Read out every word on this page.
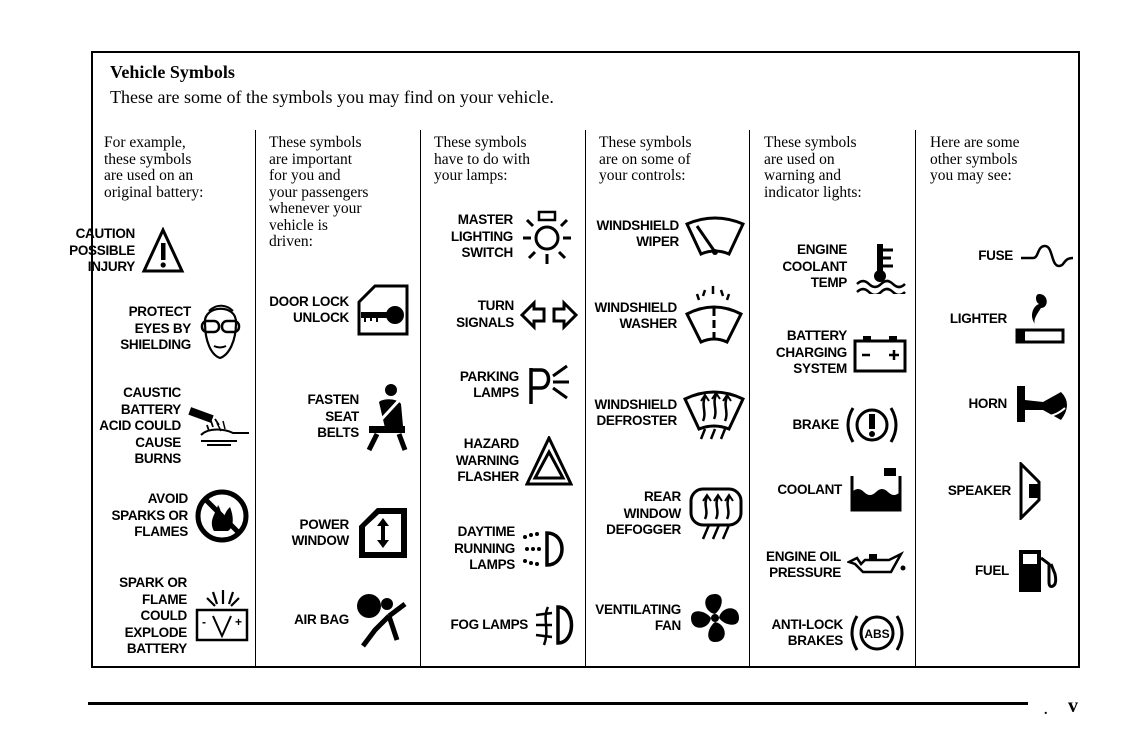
Vehicle Symbols
These are some of the symbols you may find on your vehicle.
For example,
these symbols
are used on an
original battery:
These symbols
are important
for you and
your passengers
whenever your
vehicle is
driven:
These symbols
have to do with
your lamps:
These symbols
are on some of
your controls:
These symbols
are used on
warning and
indicator lights:
Here are some
other symbols
you may see:
CAUTION
POSSIBLE
INJURY
PROTECT
EYES BY
SHIELDING
CAUSTIC
BATTERY
ACID COULD
CAUSE
BURNS
AVOID
SPARKS OR
FLAMES
SPARK OR
FLAME
COULD
EXPLODE
BATTERY
- +
DOOR LOCK
UNLOCK
FASTEN
SEAT
BELTS
POWER
WINDOW
AIR BAG
MASTER
LIGHTING
SWITCH
TURN
SIGNALS
PARKING
LAMPS
HAZARD
WARNING
FLASHER
DAYTIME
RUNNING
LAMPS
FOG LAMPS
WINDSHIELD
WIPER
WINDSHIELD
WASHER
WINDSHIELD
DEFROSTER
REAR
WINDOW
DEFOGGER
VENTILATING
FAN
ENGINE
COOLANT
TEMP
BATTERY
CHARGING
SYSTEM
BRAKE
COOLANT
ENGINE OIL
PRESSURE
ANTI-LOCK
BRAKES ABS
FUSE
LIGHTER
HORN
SPEAKER
FUEL
. v
